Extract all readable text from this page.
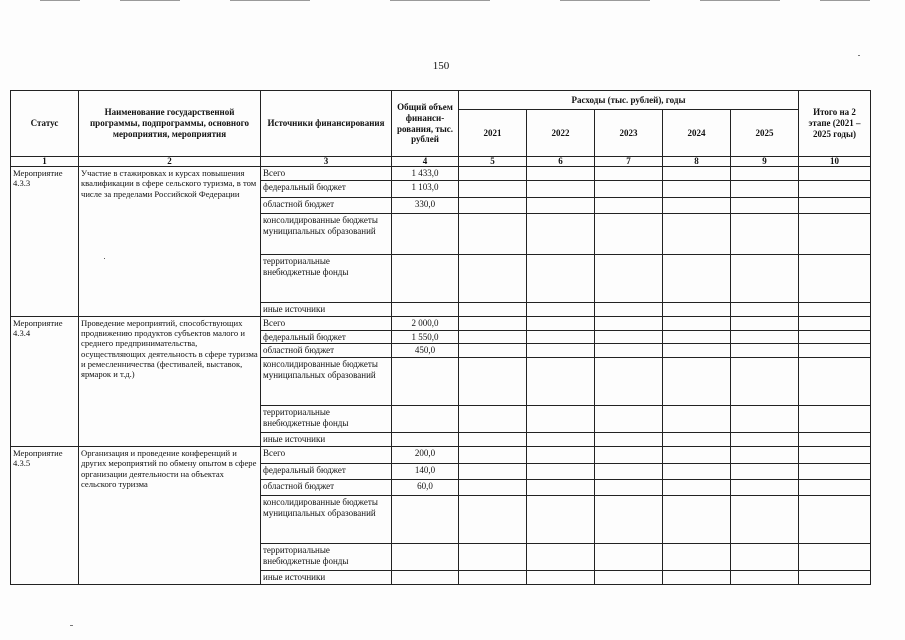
150
Статус	Наименование государственной программы, подпрограммы, основного мероприятия, мероприятия	Источники финансирования	Общий объем финанси-рования, тыс. рублей	Расходы (тыс. рублей), годы					Итого на 2 этапе (2021 – 2025 годы)
				2021	2022	2023	2024	2025	
1	2	3	4	5	6	7	8	9	10
Мероприятие 4.3.3	Участие в стажировках и курсах повышения квалификации в сфере сельского туризма, в том числе за пределами Российской Федерации	Всего	1 433,0						
		федеральный бюджет	1 103,0						
		областной бюджет	330,0						
		консолидированные бюджеты муниципальных образований							
		территориальные внебюджетные фонды							
		иные источники							
Мероприятие 4.3.4	Проведение мероприятий, способствующих продвижению продуктов субъектов малого и среднего предпринимательства, осуществляющих деятельность в сфере туризма и ремесленничества (фестивалей, выставок, ярмарок и т.д.)	Всего	2 000,0						
		федеральный бюджет	1 550,0						
		областной бюджет	450,0						
		консолидированные бюджеты муниципальных образований							
		территориальные внебюджетные фонды							
		иные источники							
Мероприятие 4.3.5	Организация и проведение конференций и других мероприятий по обмену опытом в сфере организации деятельности на объектах сельского туризма	Всего	200,0						
		федеральный бюджет	140,0						
		областной бюджет	60,0						
		консолидированные бюджеты муниципальных образований							
		территориальные внебюджетные фонды							
		иные источники							
